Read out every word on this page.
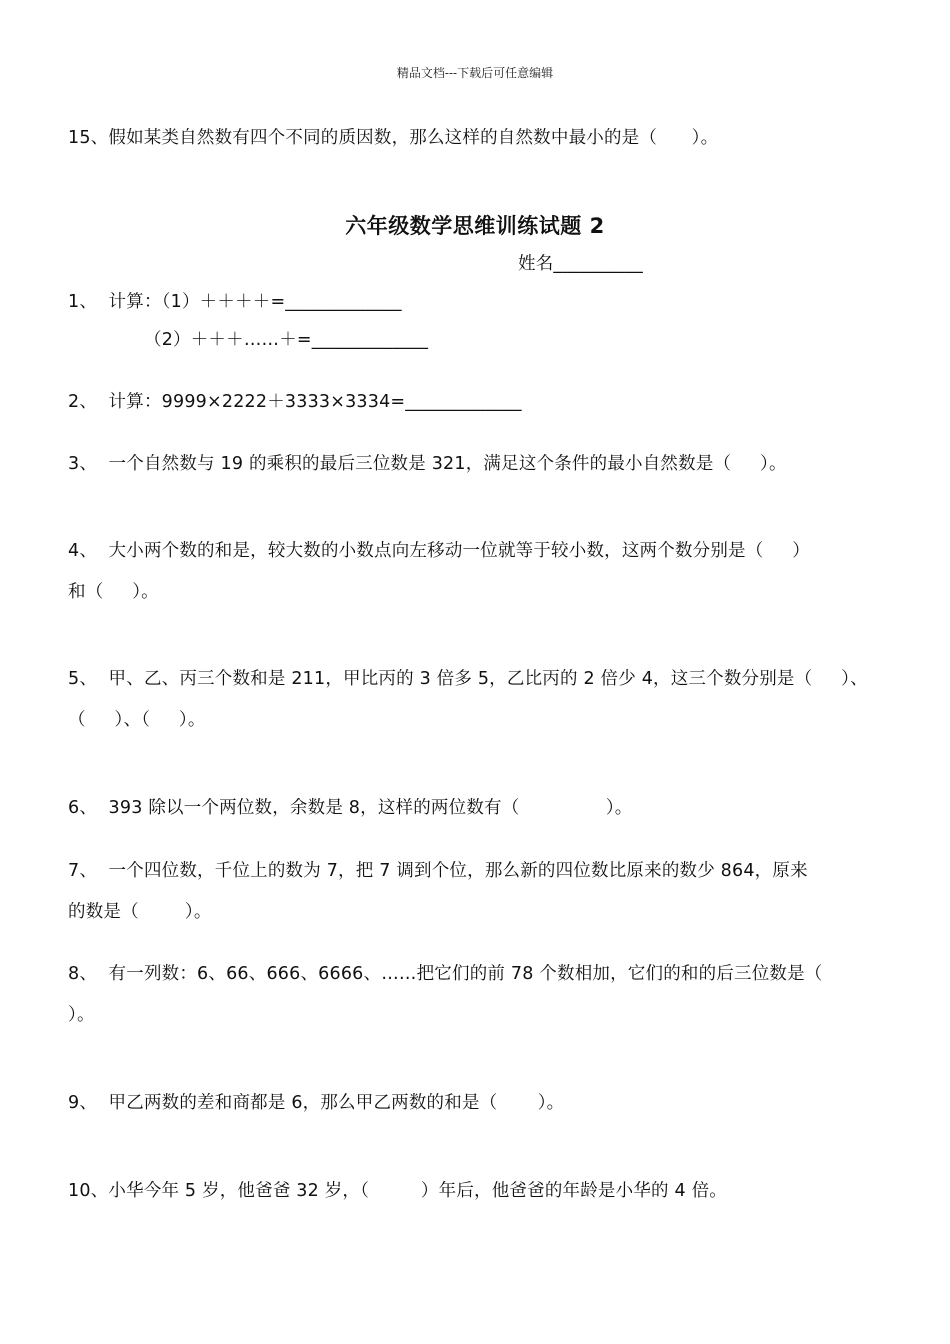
精品文档---下载后可任意编辑
15、假如某类自然数有四个不同的质因数，那么这样的自然数中最小的是（      ）。
六年级数学思维训练试题 2
姓名__________
1、  计算：（1）＋＋＋＋=_____________
（2）＋＋＋……＋=_____________
2、  计算：9999×2222＋3333×3334=_____________
3、  一个自然数与 19 的乘积的最后三位数是 321，满足这个条件的最小自然数是（     ）。
4、  大小两个数的和是，较大数的小数点向左移动一位就等于较小数，这两个数分别是（     ）
和（     ）。
5、  甲、乙、丙三个数和是 211，甲比丙的 3 倍多 5，乙比丙的 2 倍少 4，这三个数分别是（     ）、
（     ）、（     ）。
6、  393 除以一个两位数，余数是 8，这样的两位数有（               ）。
7、  一个四位数，千位上的数为 7，把 7 调到个位，那么新的四位数比原来的数少 864，原来
的数是（        ）。
8、  有一列数：6、66、666、6666、……把它们的前 78 个数相加，它们的和的后三位数是（
）。
9、  甲乙两数的差和商都是 6，那么甲乙两数的和是（       ）。
10、小华今年 5 岁，他爸爸 32 岁，（         ）年后，他爸爸的年龄是小华的 4 倍。
